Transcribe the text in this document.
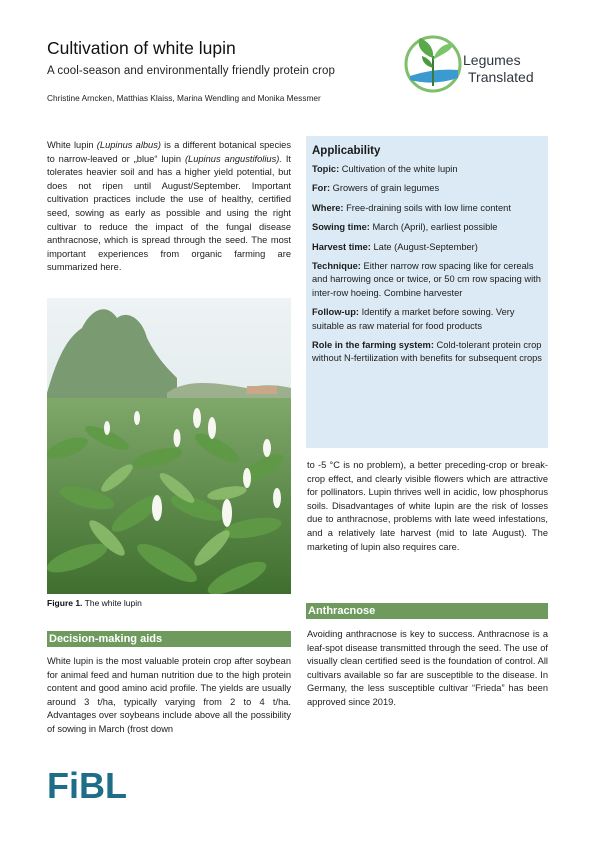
Cultivation of white lupin
A cool-season and environmentally friendly protein crop
Christine Arncken, Matthias Klaiss, Marina Wendling and Monika Messmer
Legumes
Translated
White lupin (Lupinus albus) is a different botanical species to narrow-leaved or „blue“ lupin (Lupinus angustifolius). It tolerates heavier soil and has a higher yield potential, but does not ripen until August/September. Important cultivation practices include the use of healthy, certified seed, sowing as early as possible and using the right cultivar to reduce the impact of the fungal disease anthracnose, which is spread through the seed. The most important experiences from organic farming are summarized here.
Figure 1. The white lupin
Decision-making aids
White lupin is the most valuable protein crop after soybean for animal feed and human nutrition due to the high protein content and good amino acid profile. The yields are usually around 3 t/ha, typically varying from 2 to 4 t/ha. Advantages over soybeans include above all the possibility of sowing in March (frost down
Applicability
Topic: Cultivation of the white lupin
For: Growers of grain legumes
Where: Free-draining soils with low lime content
Sowing time: March (April), earliest possible
Harvest time: Late (August-September)
Technique: Either narrow row spacing like for cereals and harrowing once or twice, or 50 cm row spacing with inter-row hoeing. Combine harvester
Follow-up: Identify a market before sowing. Very suitable as raw material for food products
Role in the farming system: Cold-tolerant protein crop without N-fertilization with benefits for subsequent crops
to -5 °C is no problem), a better preceding-crop or break-crop effect, and clearly visible flowers which are attractive for pollinators. Lupin thrives well in acidic, low phosphorus soils. Disadvantages of white lupin are the risk of losses due to anthracnose, problems with late weed infestations, and a relatively late harvest (mid to late August). The marketing of lupin also requires care.
Anthracnose
Avoiding anthracnose is key to success. Anthracnose is a leaf-spot disease transmitted through the seed. The use of visually clean certified seed is the foundation of control. All cultivars available so far are susceptible to the disease. In Germany, the less susceptible cultivar “Frieda” has been approved since 2019.
FiBL
